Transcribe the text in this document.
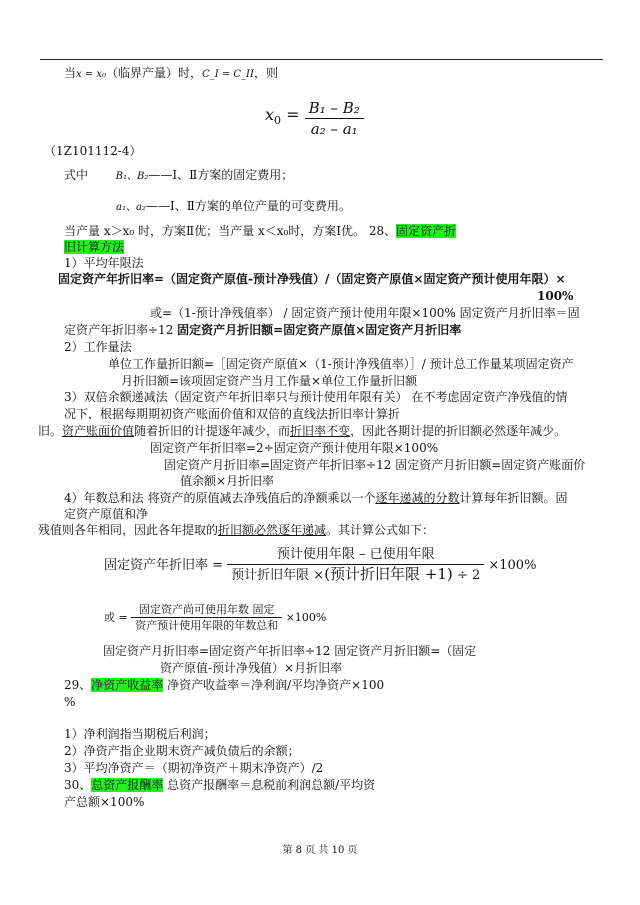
当x = x₀（临界产量）时，C_I = C_II，则
$x_0 = \frac{\text{B₁ – B₂}}{\text{a₂ – a₁}}$
（1Z101112-4）
式中	B₁、B₂——Ⅰ、Ⅱ方案的固定费用；
a₁、a₂——Ⅰ、Ⅱ方案的单位产量的可变费用。
当产量 x＞x₀ 时，方案Ⅱ优；当产量 x＜x₀时，方案Ⅰ优。 28、固定资产折
旧计算方法
1）平均年限法
固定资产年折旧率=（固定资产原值-预计净残值）/（固定资产原值×固定资产预计使用年限）×
100%
或=（1-预计净残值率） / 固定资产预计使用年限×100% 固定资产月折旧率＝固
定资产年折旧率÷12 固定资产月折旧额=固定资产原值×固定资产月折旧率
2）工作量法
单位工作量折旧额=［固定资产原值×（1-预计净残值率）］/ 预计总工作量某项固定资产
月折旧额=该项固定资产当月工作量×单位工作量折旧额
3）双倍余额递减法（固定资产年折旧率只与预计使用年限有关） 在不考虑固定资产净残值的情
况下，根据每期期初资产账面价值和双倍的直线法折旧率计算折
旧。资产账面价值随着折旧的计提逐年减少，而折旧率不变，因此各期计提的折旧额必然逐年减少。
固定资产年折旧率=2÷固定资产预计使用年限×100%
固定资产月折旧率=固定资产年折旧率÷12 固定资产月折旧额=固定资产账面价
值余额×月折旧率
4）年数总和法 将资产的原值减去净残值后的净额乘以一个逐年递减的分数计算每年折旧额。固
定资产原值和净
残值则各年相同，因此各年提取的折旧额必然逐年递减。其计算公式如下：
固定资产年折旧率 = $\frac{\text{预计使用年限 – 已使用年限}}{\text{预计折旧年限 ×(预计折旧年限 +1) ÷ 2}} \times 100\%$
或 = $\frac{\text{固定资产尚可使用年数 固定}}{\text{资产预计使用年限的年数总和}} \times 100\%$
固定资产月折旧率=固定资产年折旧率÷12 固定资产月折旧额=（固定
资产原值-预计净残值）×月折旧率
29、净资产收益率 净资产收益率＝净利润/平均净资产×100
%
1）净利润指当期税后利润；
2）净资产指企业期末资产减负债后的余额；
3）平均净资产＝（期初净资产＋期末净资产）/2
30、总资产报酬率 总资产报酬率＝息税前利润总额/平均资
产总额×100%
第 8 页 共 10 页
